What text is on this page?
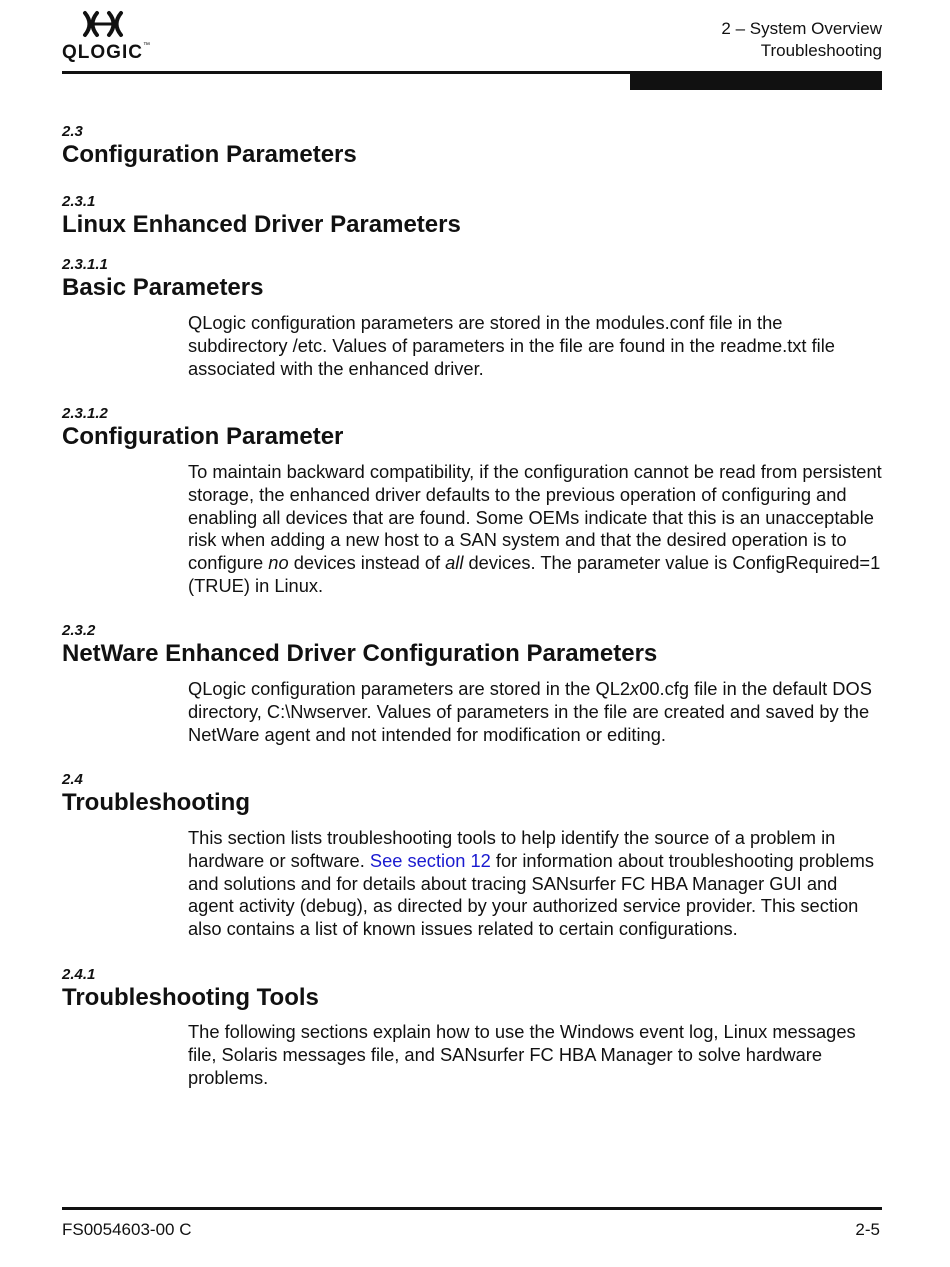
QLOGIC™
2 – System Overview
Troubleshooting
2.3
Configuration Parameters
2.3.1
Linux Enhanced Driver Parameters
2.3.1.1
Basic Parameters

QLogic configuration parameters are stored in the modules.conf file in the subdirectory /etc. Values of parameters in the file are found in the readme.txt file associated with the enhanced driver.

2.3.1.2
Configuration Parameter

To maintain backward compatibility, if the configuration cannot be read from persistent storage, the enhanced driver defaults to the previous operation of configuring and enabling all devices that are found. Some OEMs indicate that this is an unacceptable risk when adding a new host to a SAN system and that the desired operation is to configure no devices instead of all devices. The parameter value is ConfigRequired=1 (TRUE) in Linux.

2.3.2
NetWare Enhanced Driver Configuration Parameters

QLogic configuration parameters are stored in the QL2x00.cfg file in the default DOS directory, C:\Nwserver. Values of parameters in the file are created and saved by the NetWare agent and not intended for modification or editing.

2.4
Troubleshooting

This section lists troubleshooting tools to help identify the source of a problem in hardware or software. See section 12 for information about troubleshooting problems and solutions and for details about tracing SANsurfer FC HBA Manager GUI and agent activity (debug), as directed by your authorized service provider. This section also contains a list of known issues related to certain configurations.

2.4.1
Troubleshooting Tools

The following sections explain how to use the Windows event log, Linux messages file, Solaris messages file, and SANsurfer FC HBA Manager to solve hardware problems.

FS0054603-00 C	2-5
